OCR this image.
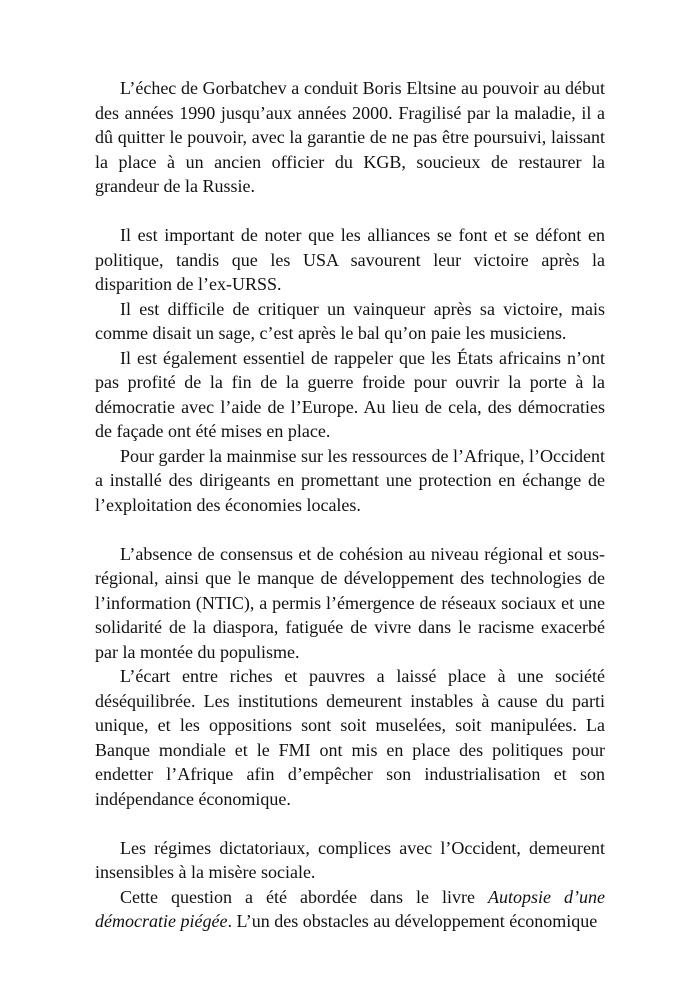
L’échec de Gorbatchev a conduit Boris Eltsine au pouvoir au début des années 1990 jusqu’aux années 2000. Fragilisé par la maladie, il a dû quitter le pouvoir, avec la garantie de ne pas être poursuivi, laissant la place à un ancien officier du KGB, soucieux de restaurer la grandeur de la Russie.

Il est important de noter que les alliances se font et se défont en politique, tandis que les USA savourent leur victoire après la disparition de l’ex-URSS.

Il est difficile de critiquer un vainqueur après sa victoire, mais comme disait un sage, c’est après le bal qu’on paie les musiciens.

Il est également essentiel de rappeler que les États africains n’ont pas profité de la fin de la guerre froide pour ouvrir la porte à la démocratie avec l’aide de l’Europe. Au lieu de cela, des démocraties de façade ont été mises en place.

Pour garder la mainmise sur les ressources de l’Afrique, l’Occident a installé des dirigeants en promettant une protection en échange de l’exploitation des économies locales.

L’absence de consensus et de cohésion au niveau régional et sous-régional, ainsi que le manque de développement des technologies de l’information (NTIC), a permis l’émergence de réseaux sociaux et une solidarité de la diaspora, fatiguée de vivre dans le racisme exacerbé par la montée du populisme.

L’écart entre riches et pauvres a laissé place à une société déséquilibrée. Les institutions demeurent instables à cause du parti unique, et les oppositions sont soit muselées, soit manipulées. La Banque mondiale et le FMI ont mis en place des politiques pour endetter l’Afrique afin d’empêcher son industrialisation et son indépendance économique.

Les régimes dictatoriaux, complices avec l’Occident, demeurent insensibles à la misère sociale.

Cette question a été abordée dans le livre Autopsie d’une démocratie piégée. L’un des obstacles au développement économique
